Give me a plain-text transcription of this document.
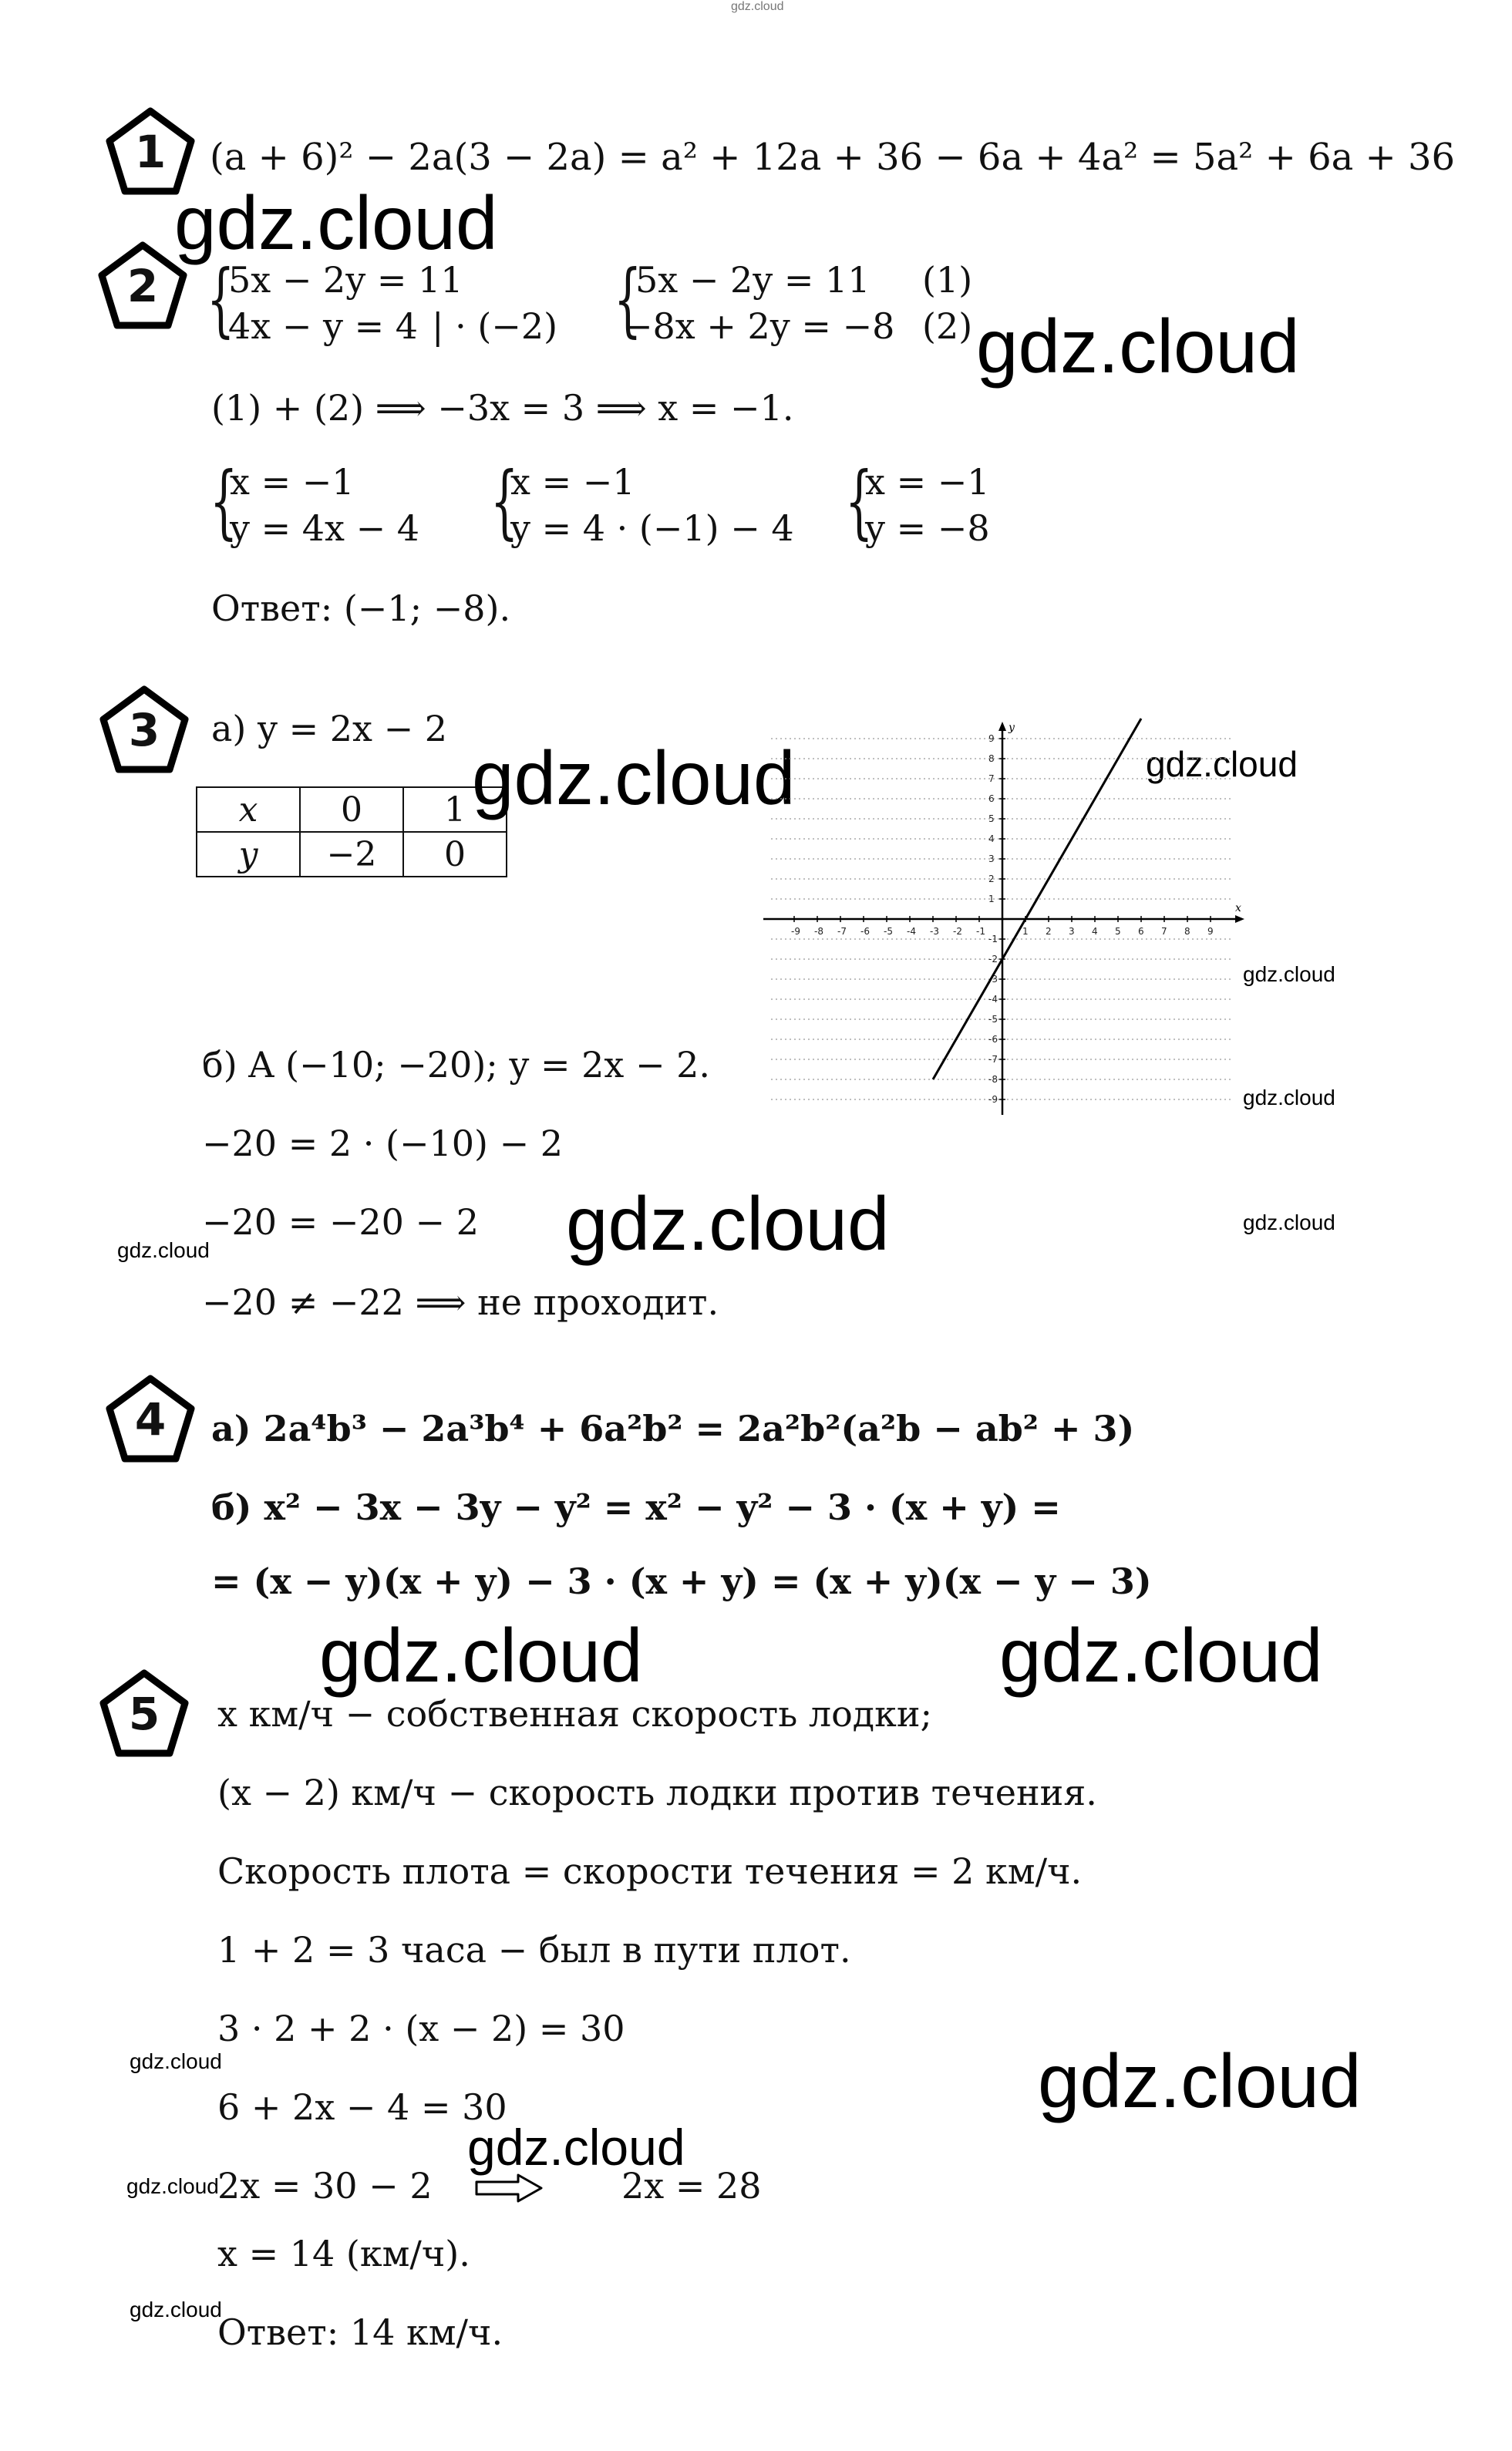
gdz.cloud
1	(a + 6)² − 2a(3 − 2a) = a² + 12a + 36 − 6a + 4a² = 5a² + 6a + 36
gdz.cloud
2 {
5x − 2y = 11
4x − y = 4 | · (−2) {
5x − 2y = 11
−8x + 2y = −8
(1)
(2) gdz.cloud
(1) + (2) ⟹ −3x = 3 ⟹ x = −1.
{
x = −1
y = 4x − 4 {
x = −1
y = 4 · (−1) − 4 {
x = −1
y = −8
Ответ: (−1; −8).
3	а) y = 2x − 2
x	0	1
y	−2	0
gdz.cloud	gdz.cloud
x
y
-9 -8 -7 -6 -5 -4 -3 -2 -1	1 2 3 4 5 6 7 8 9
9
8
7
6
5
4
3
2
1
-1
-2
-3
-4
-5
-6
-7
-8
-9
gdz.cloud
gdz.cloud
gdz.cloud
б) A (−10; −20); y = 2x − 2.
−20 = 2 · (−10) − 2
−20 = −20 − 2
gdz.cloud	gdz.cloud
−20 ≠ −22 ⟹ не проходит.
4	а) 2a⁴b³ − 2a³b⁴ + 6a²b² = 2a²b²(a²b − ab² + 3)
б) x² − 3x − 3y − y² = x² − y² − 3 · (x + y) =
= (x − y)(x + y) − 3 · (x + y) = (x + y)(x − y − 3)
gdz.cloud	gdz.cloud
5	x км/ч − собственная скорость лодки;
(x − 2) км/ч − скорость лодки против течения.
Скорость плота = скорости течения = 2 км/ч.
1 + 2 = 3 часа − был в пути плот.
3 · 2 + 2 · (x − 2) = 30
gdz.cloud	gdz.cloud
6 + 2x − 4 = 30
gdz.cloud
gdz.cloud
2x = 30 − 2	2x = 28
x = 14 (км/ч).
gdz.cloud
Ответ: 14 км/ч.
